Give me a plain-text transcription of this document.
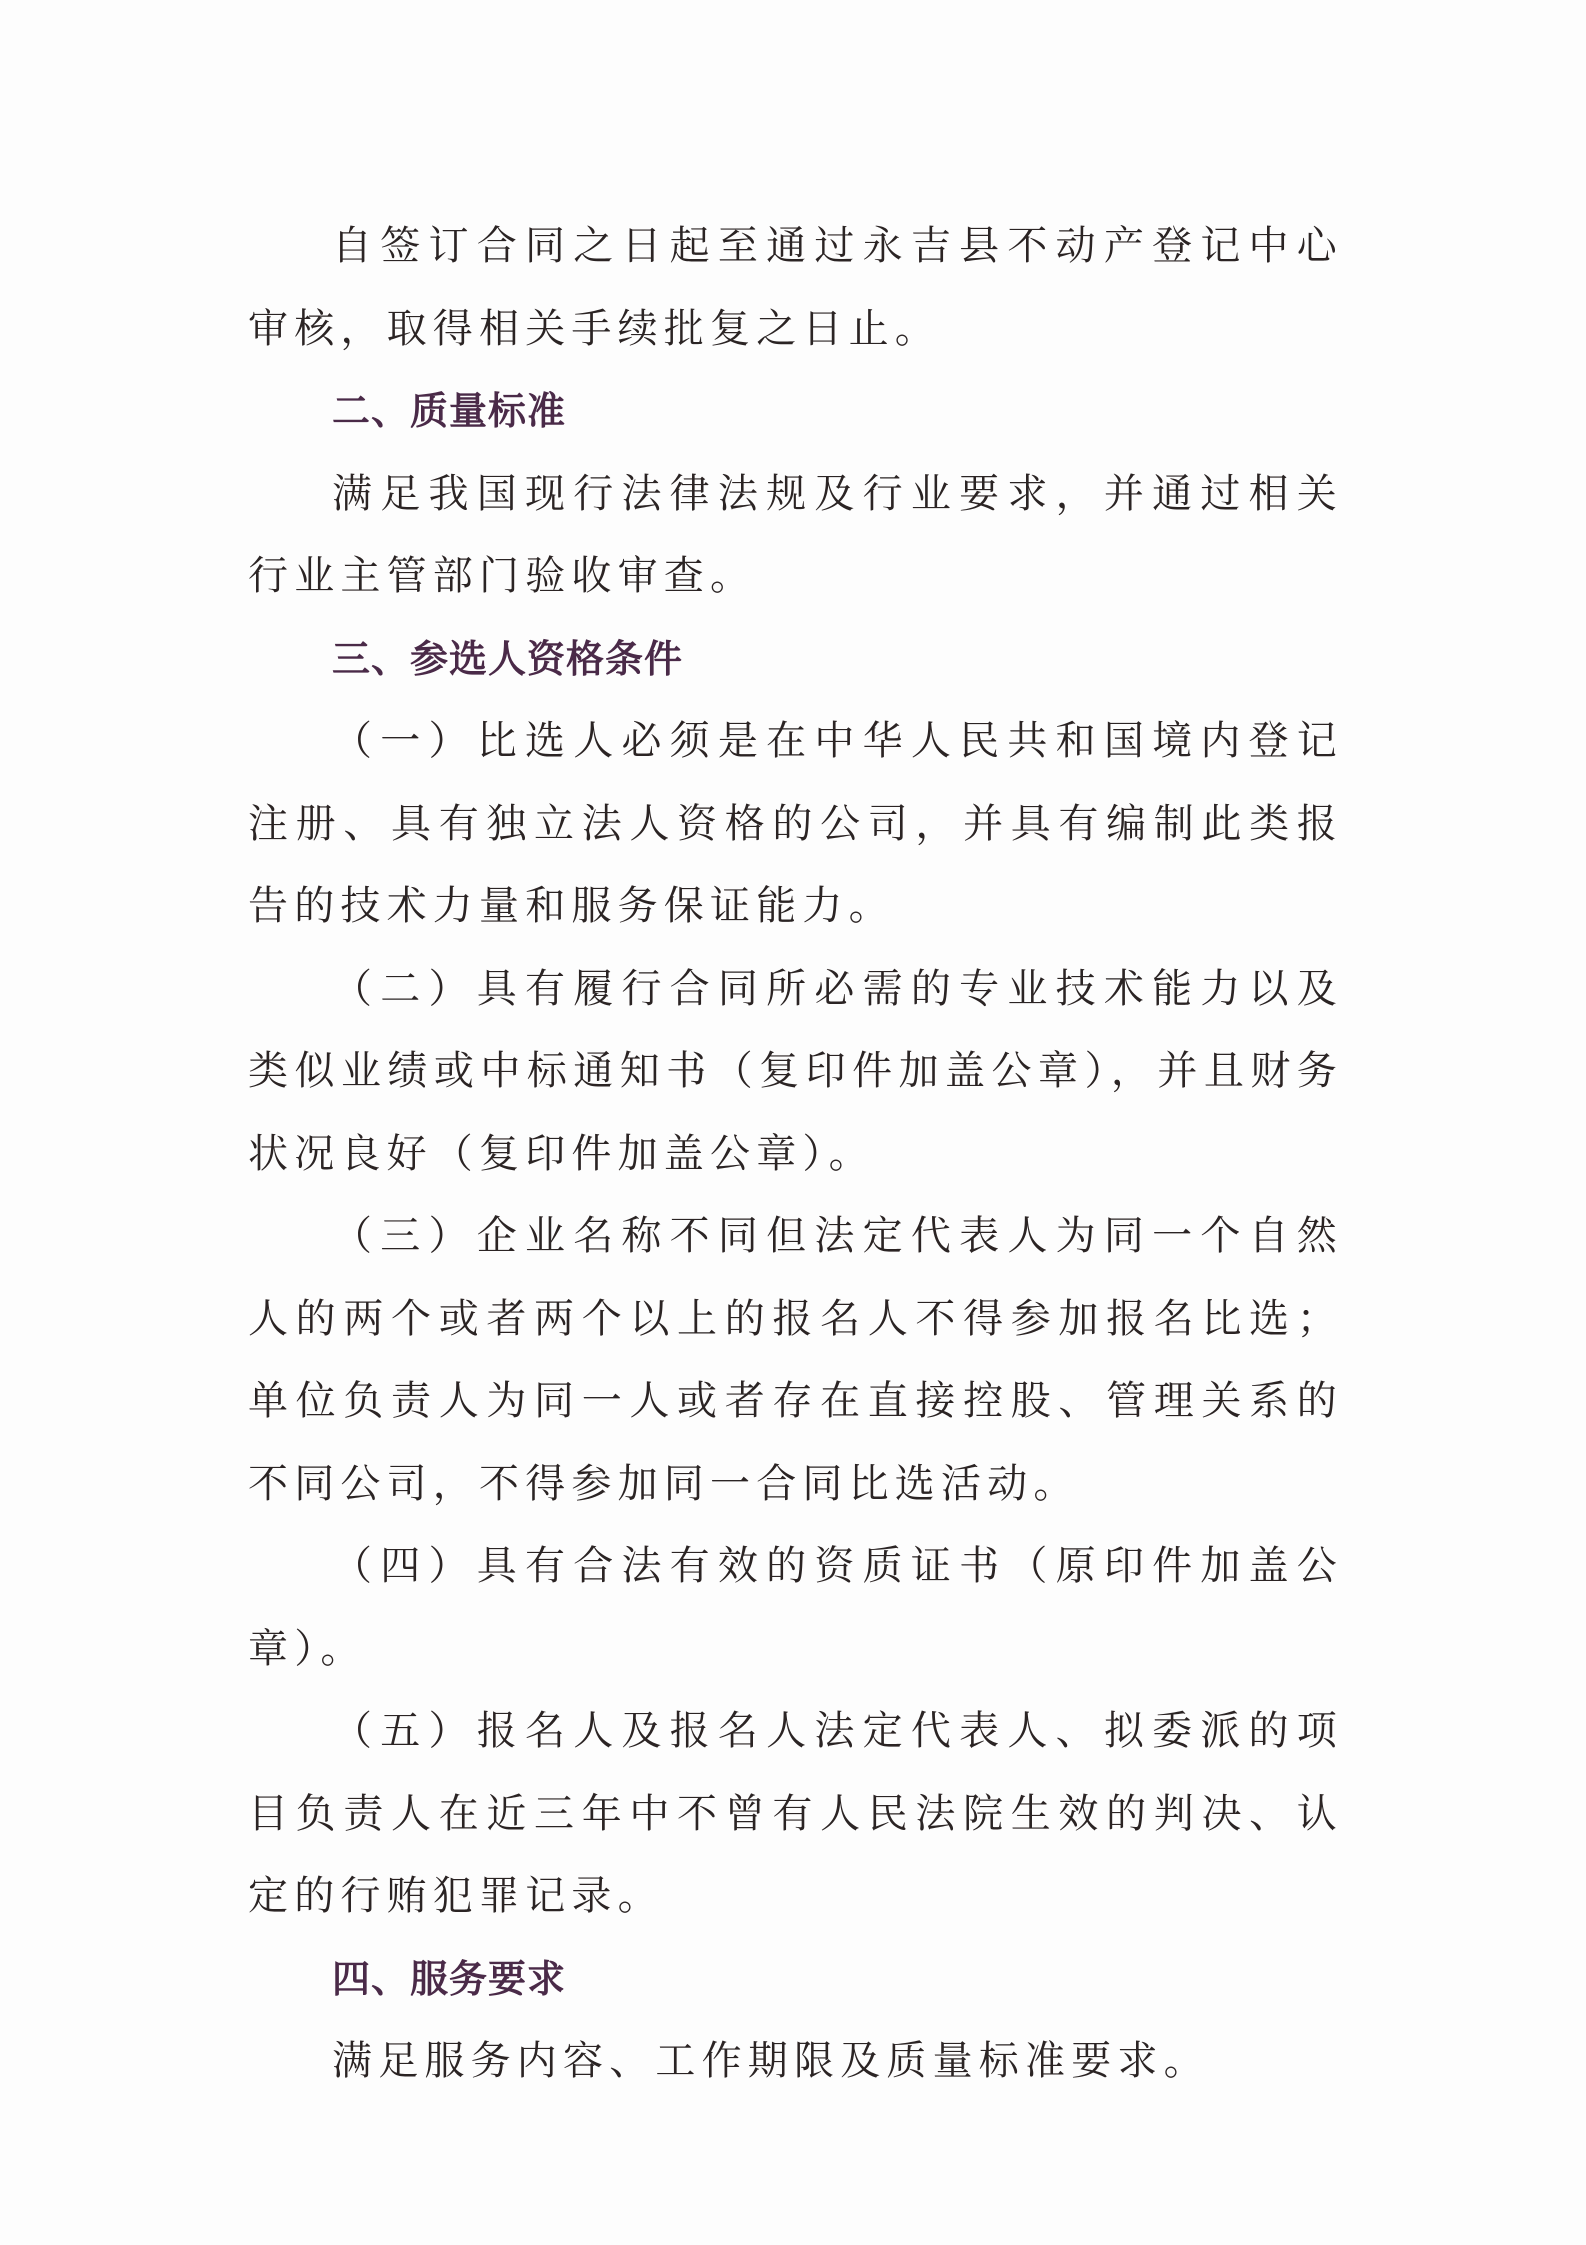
自签订合同之日起至通过永吉县不动产登记中心审核，取得相关手续批复之日止。

二、质量标准

满足我国现行法律法规及行业要求，并通过相关行业主管部门验收审查。

三、参选人资格条件

（一）比选人必须是在中华人民共和国境内登记注册、具有独立法人资格的公司，并具有编制此类报告的技术力量和服务保证能力。

（二）具有履行合同所必需的专业技术能力以及类似业绩或中标通知书（复印件加盖公章），并且财务状况良好（复印件加盖公章）。

（三）企业名称不同但法定代表人为同一个自然人的两个或者两个以上的报名人不得参加报名比选；单位负责人为同一人或者存在直接控股、管理关系的不同公司，不得参加同一合同比选活动。

（四）具有合法有效的资质证书（原印件加盖公章）。

（五）报名人及报名人法定代表人、拟委派的项目负责人在近三年中不曾有人民法院生效的判决、认定的行贿犯罪记录。

四、服务要求

满足服务内容、工作期限及质量标准要求。
